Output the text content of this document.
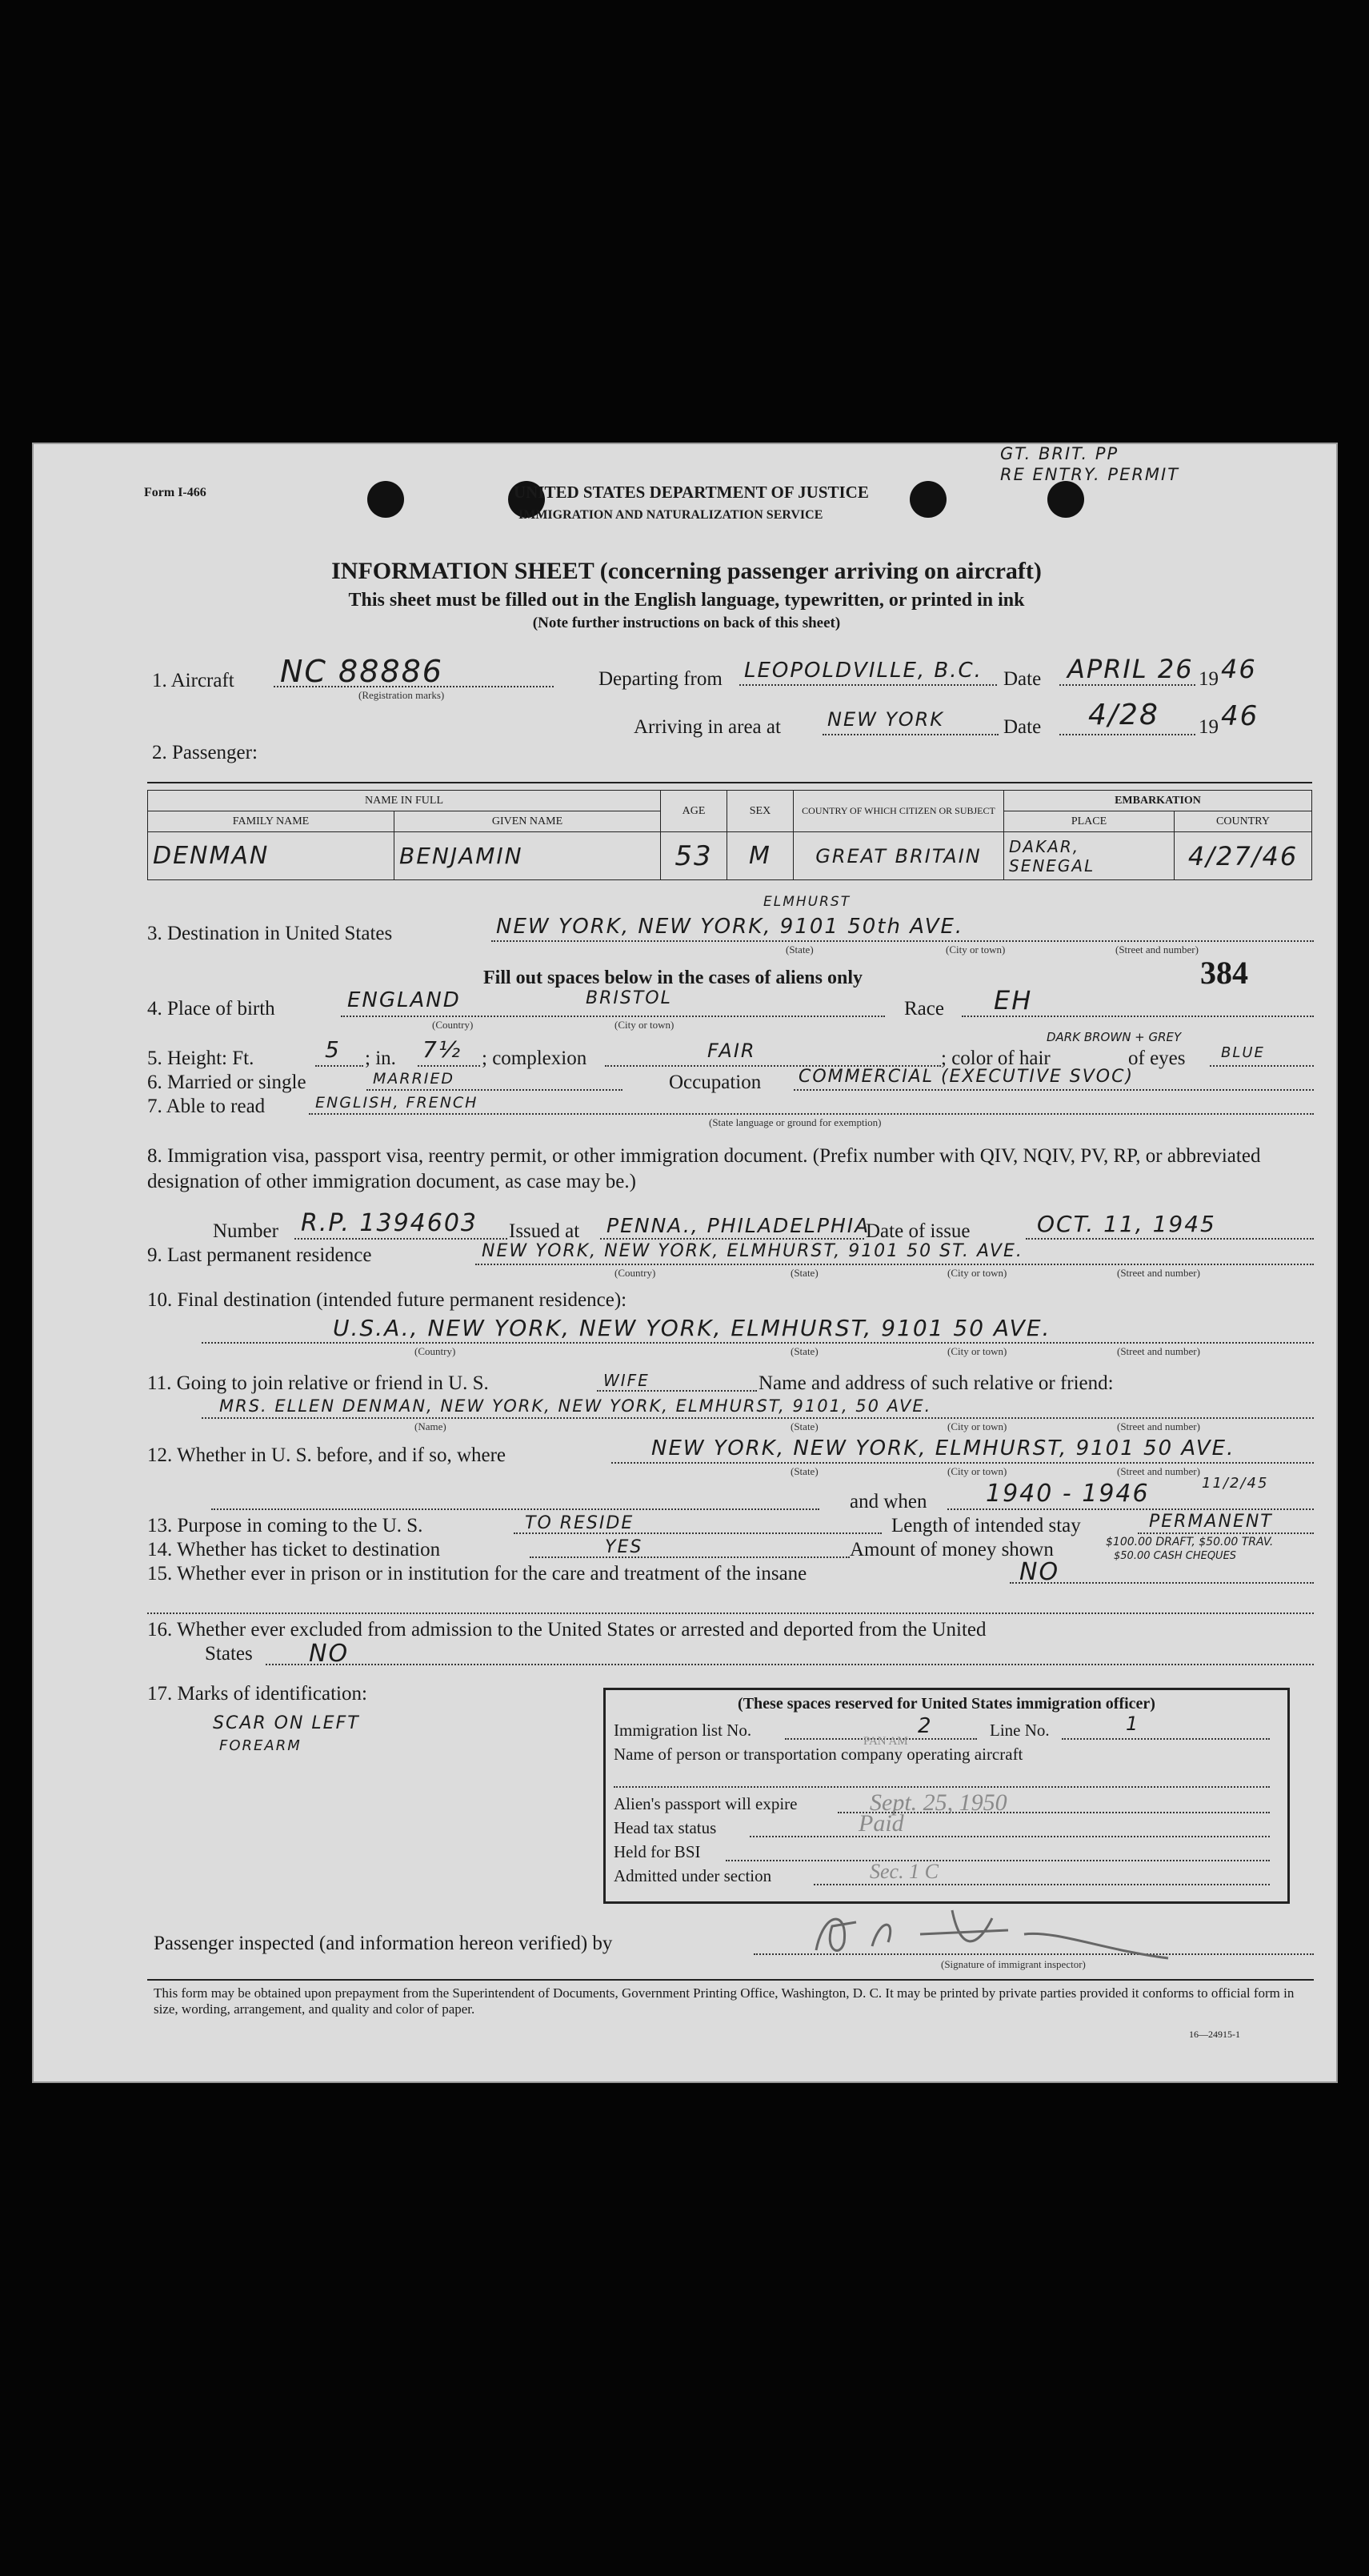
Form I-466	UNITED STATES DEPARTMENT OF JUSTICE
IMMIGRATION AND NATURALIZATION SERVICE
GT. BRIT. PP
RE ENTRY. PERMIT
INFORMATION SHEET (concerning passenger arriving on aircraft)
This sheet must be filled out in the English language, typewritten, or printed in ink
(Note further instructions on back of this sheet)
1. Aircraft NC 88886
(Registration marks)
Departing from LEOPOLDVILLE, B.C. Date APRIL 26 19 46
Arriving in area at NEW YORK	Date 4/28 19 46
2. Passenger:
NAME IN FULL		AGE	SEX	COUNTRY OF WHICH CITIZEN OR SUBJECT	EMBARKATION	
FAMILY NAME	GIVEN NAME				PLACE	COUNTRY
DENMAN	BENJAMIN	53	M	GREAT BRITAIN	DAKAR,
SENEGAL	4/27/46
ELMHURST
3. Destination in United States	NEW YORK, NEW YORK, 9101 50th AVE.
(State)	(City or town)	(Street and number)
Fill out spaces below in the cases of aliens only	384
4. Place of birth	ENGLAND	BRISTOL
(Country)	(City or town)
Race EH
DARK BROWN + GREY
5. Height: Ft.	5 ; in. 7½ ; complexion	FAIR	; color of hair	of eyes BLUE
6. Married or single	MARRIED	Occupation COMMERCIAL (EXECUTIVE SVOC)
7. Able to read	ENGLISH, FRENCH
(State language or ground for exemption)
8. Immigration visa, passport visa, reentry permit, or other immigration document. (Prefix number with QIV, NQIV, PV, RP, or abbreviated designation of other immigration document, as case may be.)
Number R.P. 1394603 Issued at PENNA., PHILADELPHIA
Date of issue	OCT. 11, 1945
9. Last permanent residence	NEW YORK, NEW YORK, ELMHURST, 9101 50 ST. AVE.
(Country)	(State)	(City or town)	(Street and number)
10. Final destination (intended future permanent residence):
U.S.A., NEW YORK, NEW YORK, ELMHURST, 9101 50 AVE.
(Country)	(State)	(City or town)	(Street and number)
11. Going to join relative or friend in U. S.	WIFE	Name and address of such relative or friend:
MRS. ELLEN DENMAN, NEW YORK, NEW YORK, ELMHURST, 9101, 50 AVE.
(Name)	(State)	(City or town)	(Street and number)
12. Whether in U. S. before, and if so, where	NEW YORK, NEW YORK, ELMHURST, 9101 50 AVE.
(State)	(City or town)	(Street and number)
and when 1940 - 1946	11/2/45
13. Purpose in coming to the U. S.	TO RESIDE	Length of intended stay	PERMANENT
14. Whether has ticket to destination	YES	Amount of money shown	$100.00 DRAFT, $50.00 TRAV.
$50.00 CASH CHEQUES
15. Whether ever in prison or in institution for the care and treatment of the insane	NO
16. Whether ever excluded from admission to the United States or arrested and deported from the United
States NO
17. Marks of identification:
SCAR ON LEFT
FOREARM
(These spaces reserved for United States immigration officer)
Immigration list No.	2	Line No.	1
Name of person or transportation company operating aircraft
PAN AM
Alien's passport will expire	Sept. 25, 1950
Head tax status	Paid
Held for BSI
Admitted under section	Sec. 1 C
Passenger inspected (and information hereon verified) by
(Signature of immigrant inspector)
This form may be obtained upon prepayment from the Superintendent of Documents, Government Printing Office, Washington, D. C. It may be printed by private parties provided it conforms to official form in size, wording, arrangement, and quality and color of paper.
16—24915-1
